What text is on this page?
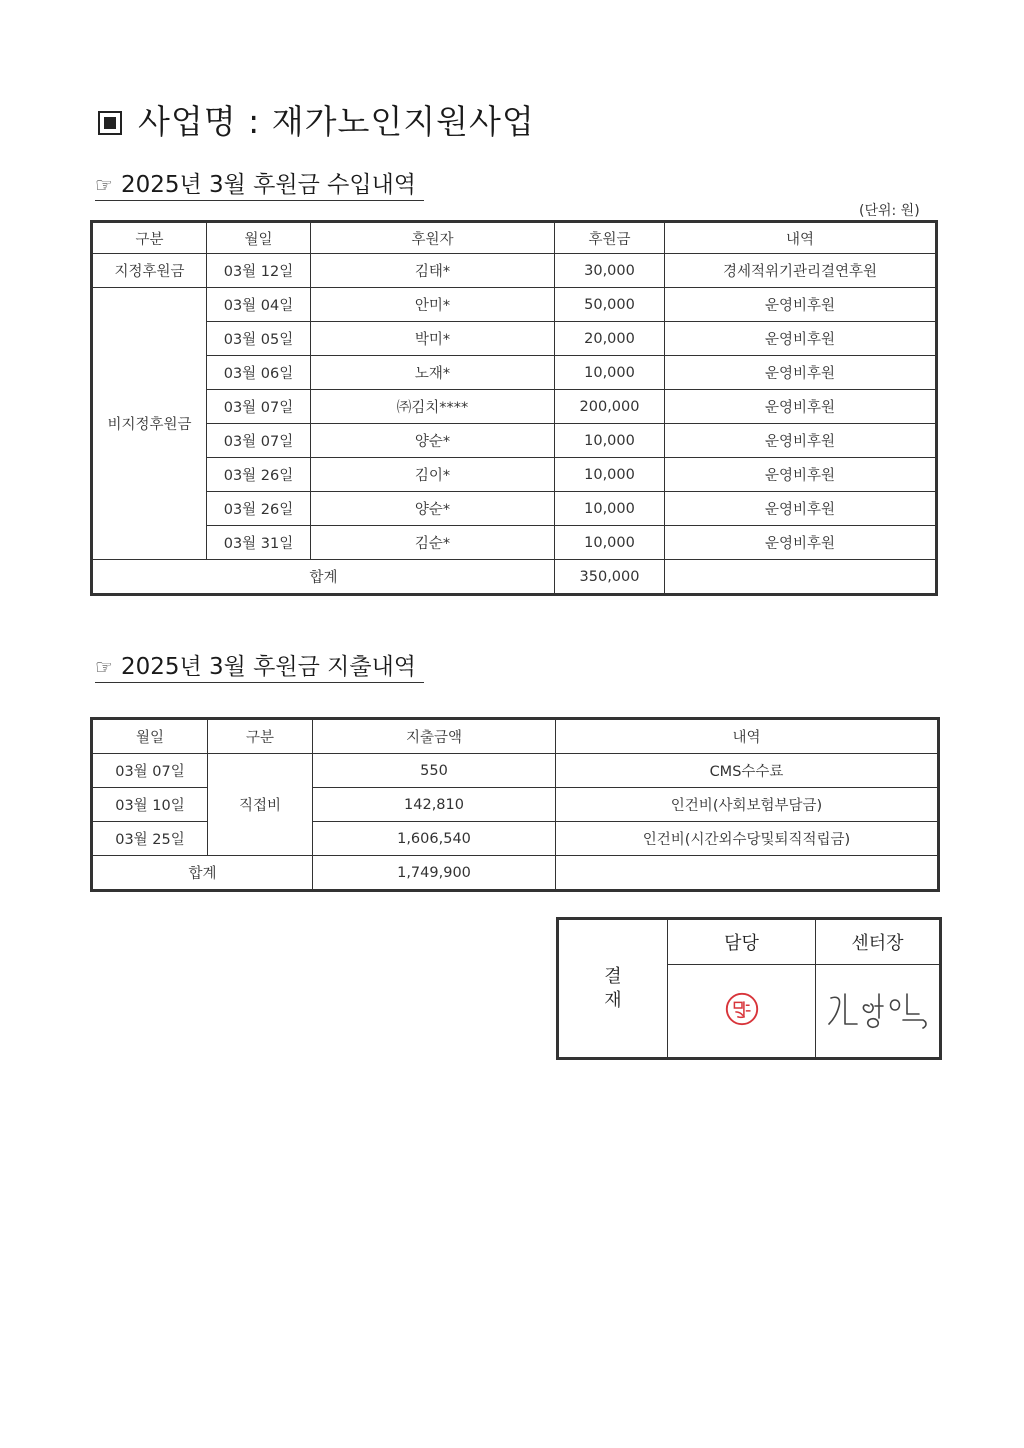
사업명 : 재가노인지원사업
☞ 2025년 3월 후원금 수입내역
(단위: 원)
구분	월일	후원자	후원금	내역
지정후원금	03월 12일	김태*	30,000	경세적위기관리결연후원
비지정후원금	03월 04일	안미*	50,000	운영비후원
	03월 05일	박미*	20,000	운영비후원
	03월 06일	노재*	10,000	운영비후원
	03월 07일	㈜김치****	200,000	운영비후원
	03월 07일	양순*	10,000	운영비후원
	03월 26일	김이*	10,000	운영비후원
	03월 26일	양순*	10,000	운영비후원
	03월 31일	김순*	10,000	운영비후원
합계			350,000	
☞ 2025년 3월 후원금 지출내역
월일	구분	지출금액	내역
03월 07일	직접비	550	CMS수수료
03월 10일		142,810	인건비(사회보험부담금)
03월 25일		1,606,540	인건비(시간외수당및퇴직적립금)
합계		1,749,900	
결
재	담당	센터장
